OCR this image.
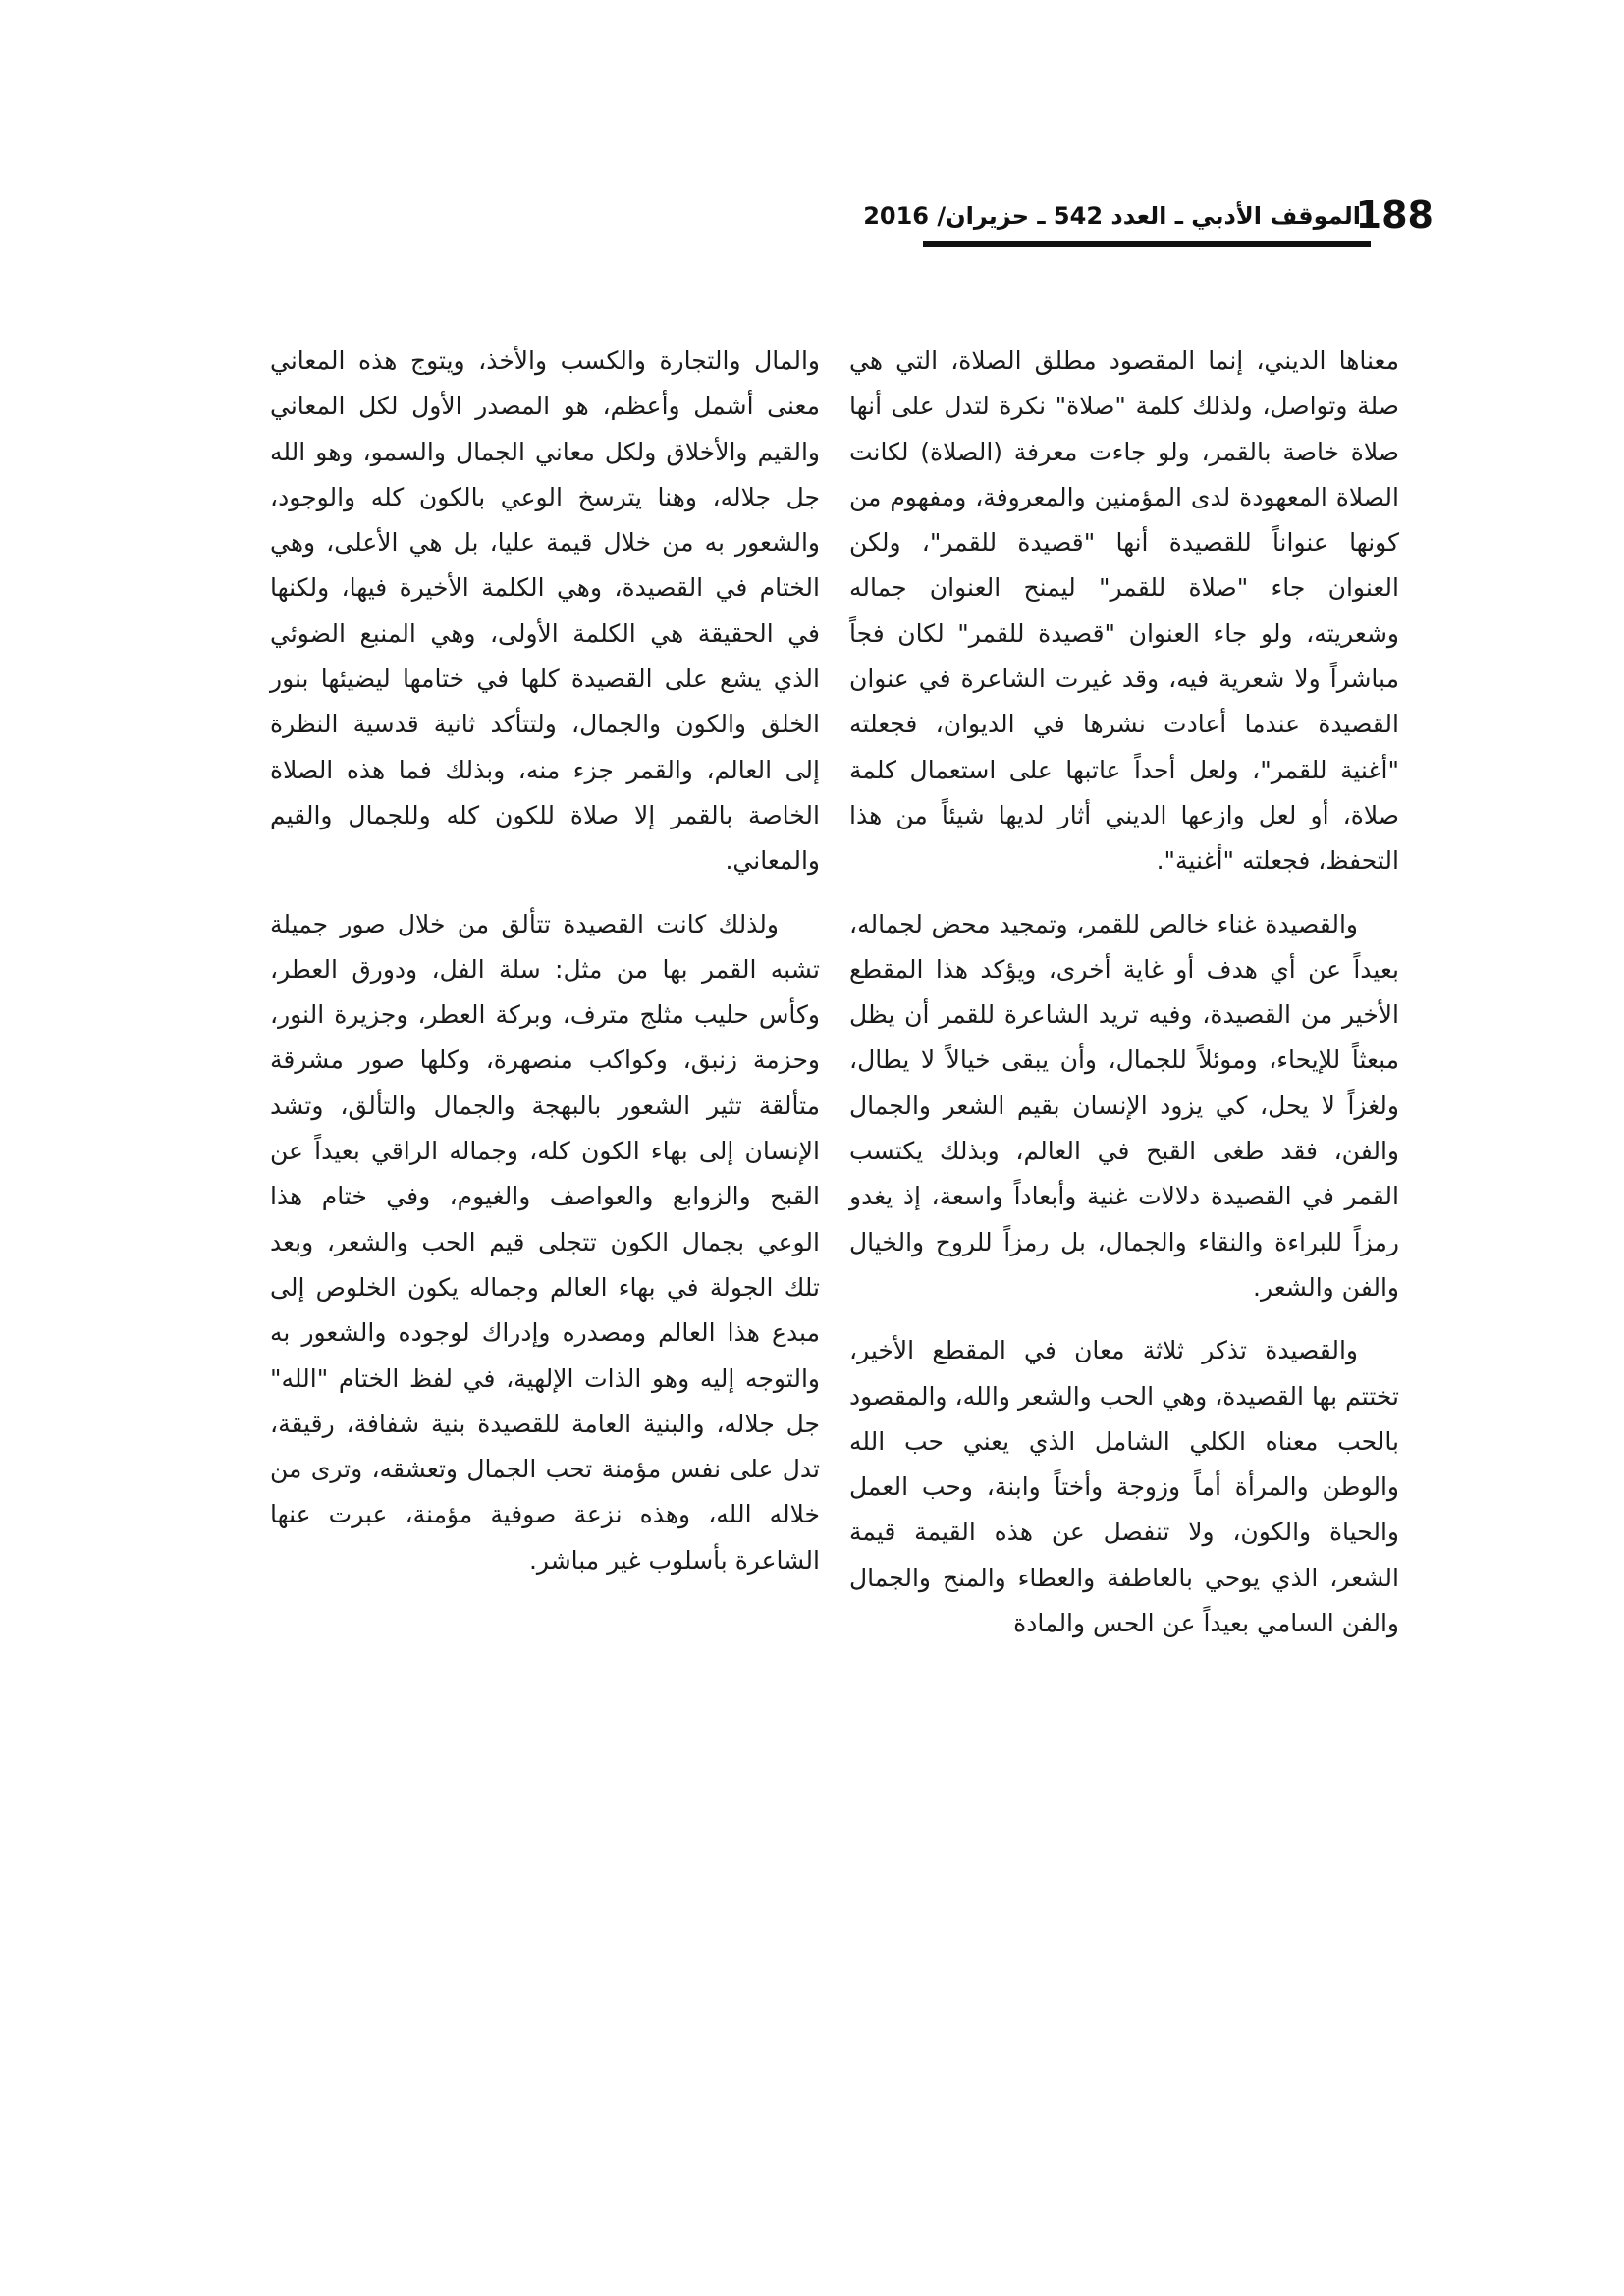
188
الموقف الأدبي ـ العدد 542 ـ حزيران/ 2016

معناها الديني، إنما المقصود مطلق الصلاة، التي هي صلة وتواصل، ولذلك كلمة "صلاة" نكرة لتدل على أنها صلاة خاصة بالقمر، ولو جاءت معرفة (الصلاة) لكانت الصلاة المعهودة لدى المؤمنين والمعروفة، ومفهوم من كونها عنواناً للقصيدة أنها "قصيدة للقمر"، ولكن العنوان جاء "صلاة للقمر" ليمنح العنوان جماله وشعريته، ولو جاء العنوان "قصيدة للقمر" لكان فجاً مباشراً ولا شعرية فيه، وقد غيرت الشاعرة في عنوان القصيدة عندما أعادت نشرها في الديوان، فجعلته "أغنية للقمر"، ولعل أحداً عاتبها على استعمال كلمة صلاة، أو لعل وازعها الديني أثار لديها شيئاً من هذا التحفظ، فجعلته "أغنية".

والقصيدة غناء خالص للقمر، وتمجيد محض لجماله، بعيداً عن أي هدف أو غاية أخرى، ويؤكد هذا المقطع الأخير من القصيدة، وفيه تريد الشاعرة للقمر أن يظل مبعثاً للإيحاء، وموئلاً للجمال، وأن يبقى خيالاً لا يطال، ولغزاً لا يحل، كي يزود الإنسان بقيم الشعر والجمال والفن، فقد طغى القبح في العالم، وبذلك يكتسب القمر في القصيدة دلالات غنية وأبعاداً واسعة، إذ يغدو رمزاً للبراءة والنقاء والجمال، بل رمزاً للروح والخيال والفن والشعر.

والقصيدة تذكر ثلاثة معان في المقطع الأخير، تختتم بها القصيدة، وهي الحب والشعر والله، والمقصود بالحب معناه الكلي الشامل الذي يعني حب الله والوطن والمرأة أماً وزوجة وأختاً وابنة، وحب العمل والحياة والكون، ولا تنفصل عن هذه القيمة قيمة الشعر، الذي يوحي بالعاطفة والعطاء والمنح والجمال والفن السامي بعيداً عن الحس والمادة

والمال والتجارة والكسب والأخذ، ويتوج هذه المعاني معنى أشمل وأعظم، هو المصدر الأول لكل المعاني والقيم والأخلاق ولكل معاني الجمال والسمو، وهو الله جل جلاله، وهنا يترسخ الوعي بالكون كله والوجود، والشعور به من خلال قيمة عليا، بل هي الأعلى، وهي الختام في القصيدة، وهي الكلمة الأخيرة فيها، ولكنها في الحقيقة هي الكلمة الأولى، وهي المنبع الضوئي الذي يشع على القصيدة كلها في ختامها ليضيئها بنور الخلق والكون والجمال، ولتتأكد ثانية قدسية النظرة إلى العالم، والقمر جزء منه، وبذلك فما هذه الصلاة الخاصة بالقمر إلا صلاة للكون كله وللجمال والقيم والمعاني.

ولذلك كانت القصيدة تتألق من خلال صور جميلة تشبه القمر بها من مثل: سلة الفل، ودورق العطر، وكأس حليب مثلج مترف، وبركة العطر، وجزيرة النور، وحزمة زنبق، وكواكب منصهرة، وكلها صور مشرقة متألقة تثير الشعور بالبهجة والجمال والتألق، وتشد الإنسان إلى بهاء الكون كله، وجماله الراقي بعيداً عن القبح والزوابع والعواصف والغيوم، وفي ختام هذا الوعي بجمال الكون تتجلى قيم الحب والشعر، وبعد تلك الجولة في بهاء العالم وجماله يكون الخلوص إلى مبدع هذا العالم ومصدره وإدراك لوجوده والشعور به والتوجه إليه وهو الذات الإلهية، في لفظ الختام "الله" جل جلاله، والبنية العامة للقصيدة بنية شفافة، رقيقة، تدل على نفس مؤمنة تحب الجمال وتعشقه، وترى من خلاله الله، وهذه نزعة صوفية مؤمنة، عبرت عنها الشاعرة بأسلوب غير مباشر.
